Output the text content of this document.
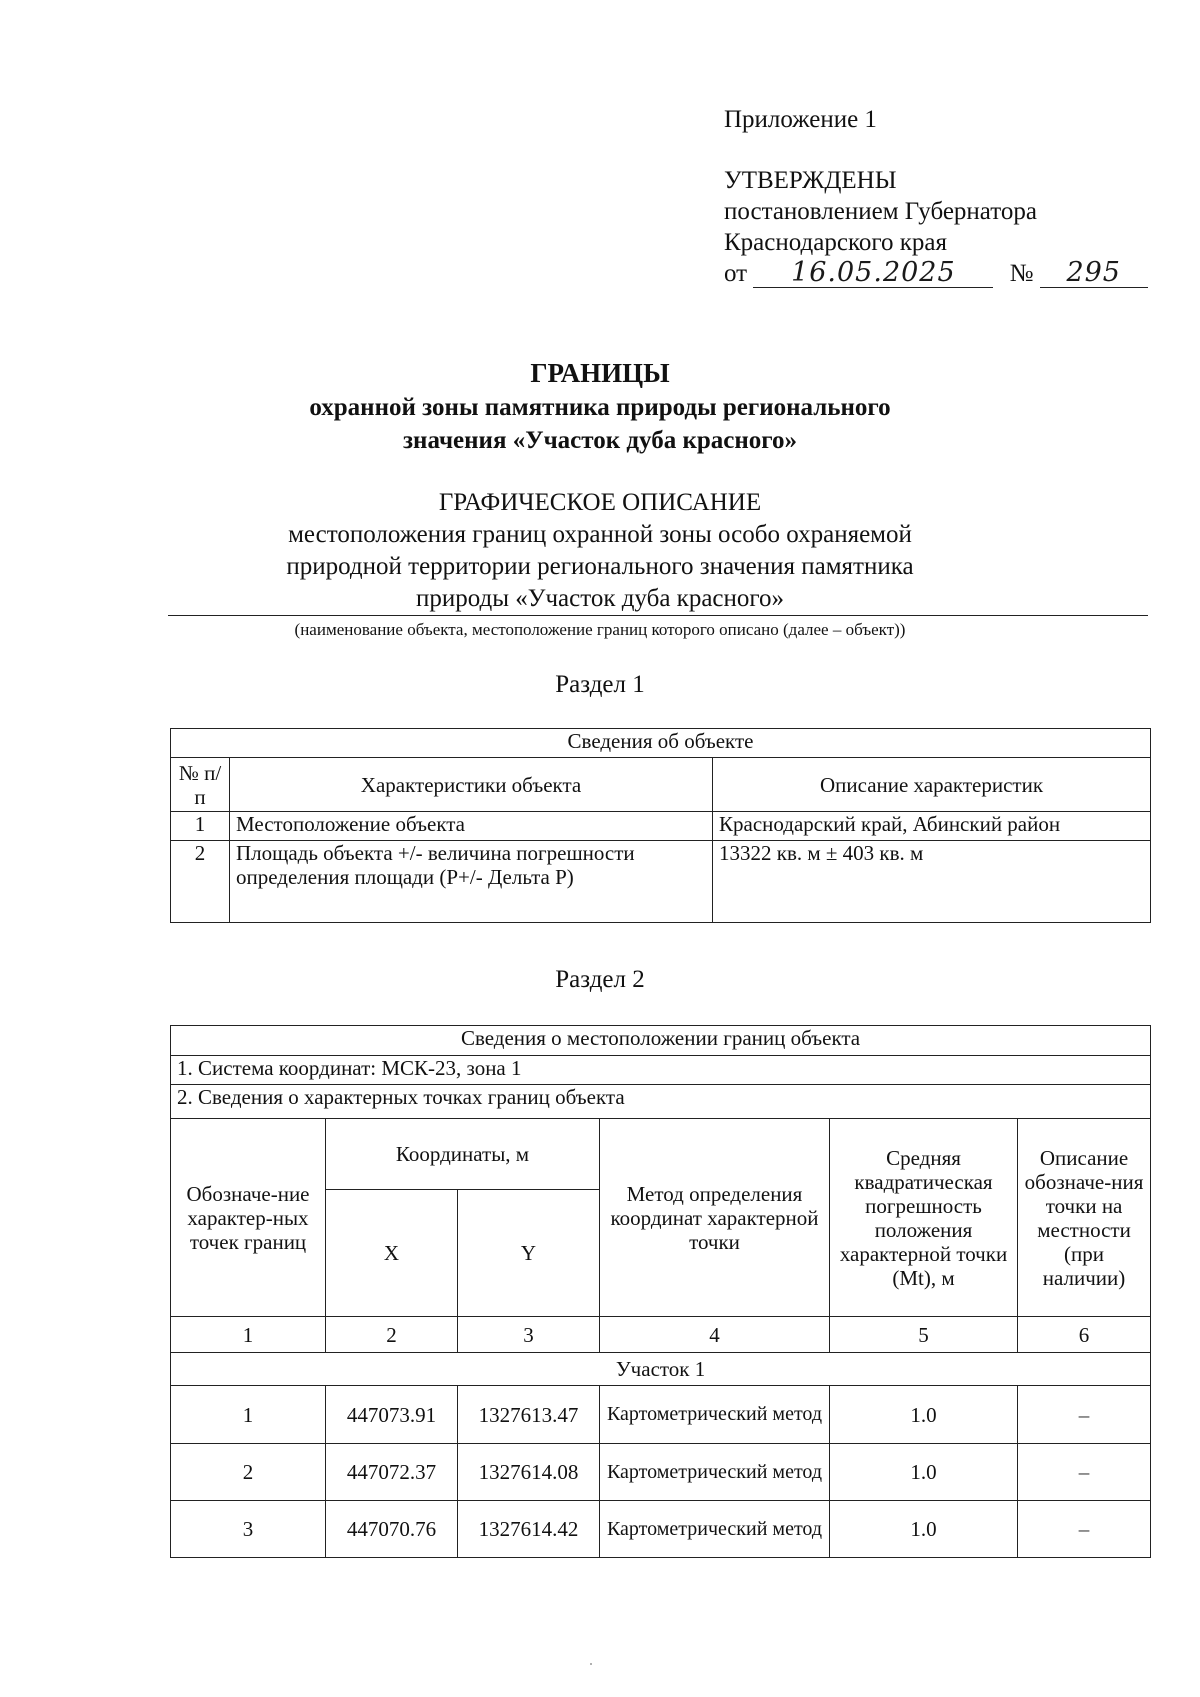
Приложение 1
УТВЕРЖДЕНЫ
постановлением Губернатора
Краснодарского края
от 16.05.2025 № 295
ГРАНИЦЫ
охранной зоны памятника природы регионального
значения «Участок дуба красного»
ГРАФИЧЕСКОЕ ОПИСАНИЕ
местоположения границ охранной зоны особо охраняемой
природной территории регионального значения памятника
природы «Участок дуба красного»
(наименование объекта, местоположение границ которого описано (далее – объект))
Раздел 1
Сведения об объекте		
№ п/п	Характеристики объекта	Описание характеристик
1	Местоположение объекта	Краснодарский край, Абинский район
2	Площадь объекта +/- величина погрешности определения площади (Р+/- Дельта Р)	13322 кв. м ± 403 кв. м
Раздел 2
Сведения о местоположении границ объекта					
1. Система координат: МСК-23, зона 1					
2. Сведения о характерных точках границ объекта					
Обозначе-ние характер-ных точек границ	Координаты, м		Метод определения координат характерной точки	Средняя квадратическая погрешность положения характерной точки (Mt), м	Описание обозначе-ния точки на местности (при наличии)
	X	Y			
1	2	3	4	5	6
Участок 1					
1	447073.91	1327613.47	Картометрический метод	1.0	–
2	447072.37	1327614.08	Картометрический метод	1.0	–
3	447070.76	1327614.42	Картометрический метод	1.0	–
